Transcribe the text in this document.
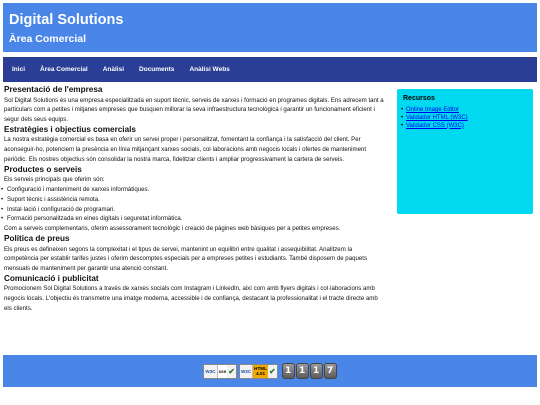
Digital Solutions
Àrea Comercial
Inici Àrea Comercial Anàlisi Documents Anàlisi Webs
Presentació de l'empresa

Sol Digital Solutions és una empresa especialitzada en suport tècnic, serveis de xarxes i formació en programes digitals. Ens adrecem tant a particulars com a petites i mitjanes empreses que busquen millorar la seva infraestructura tecnològica i garantir un funcionament eficient i segur dels seus equips.

Estratègies i objectius comercials

La nostra estratègia comercial es basa en oferir un servei proper i personalitzat, fomentant la confiança i la satisfacció del client. Per aconseguir-ho, potenciem la presència en línia mitjançant xarxes socials, col·laboracions amb negocis locals i ofertes de manteniment periòdic. Els nostres objectius són consolidar la nostra marca, fidelitzar clients i ampliar progressivament la cartera de serveis.

Productes o serveis

Els serveis principals que oferim són:

• Configuració i manteniment de xarxes informàtiques.
• Suport tècnic i assistència remota.
• Instal·lació i configuració de programari.
• Formació personalitzada en eines digitals i seguretat informàtica.

Com a serveis complementaris, oferim assessorament tecnològic i creació de pàgines web bàsiques per a petites empreses.

Política de preus

Els preus es defineixen segons la complexitat i el tipus de servei, mantenint un equilibri entre qualitat i assequibilitat. Analitzem la competència per establir tarifes justes i oferim descomptes especials per a empreses petites i estudiants. També disposem de paquets mensuals de manteniment per garantir una atenció constant.

Comunicació i publicitat

Promocionem Sol Digital Solutions a través de xarxes socials com Instagram i LinkedIn, així com amb flyers digitals i col·laboracions amb negocis locals. L'objectiu és transmetre una imatge moderna, accessible i de confiança, destacant la professionalitat i el tracte directe amb els clients.

Recursos
• Online Image Editor
• Validador HTML (W3C)
• Validador CSS (W3C)
W3C css ✔ W3C HTML
4.01 ✔	1 1 1 7
